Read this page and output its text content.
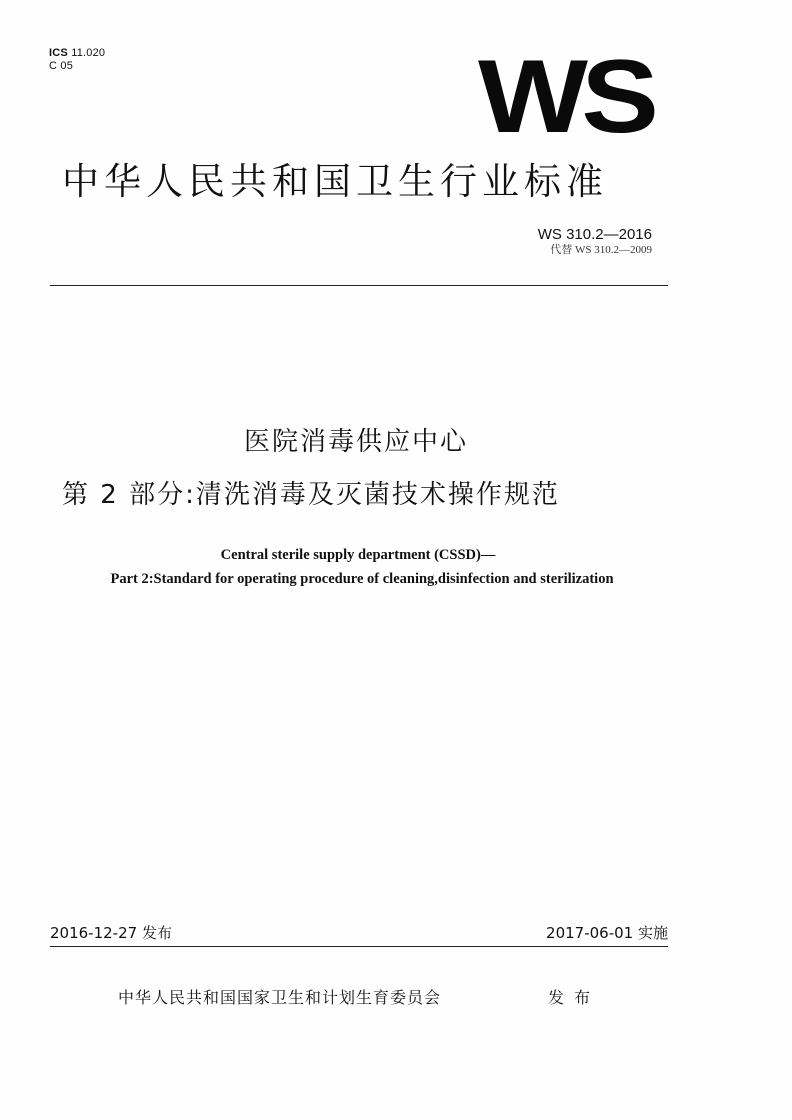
ICS 11.020
C 05	WS
中华人民共和国卫生行业标准
WS 310.2—2016
代替 WS 310.2—2009
医院消毒供应中心
第 2 部分:清洗消毒及灭菌技术操作规范
Central sterile supply department (CSSD)—
Part 2:Standard for operating procedure of cleaning,disinfection and sterilization
2016-12-27 发布	2017-06-01 实施
中华人民共和国国家卫生和计划生育委员会	发布
